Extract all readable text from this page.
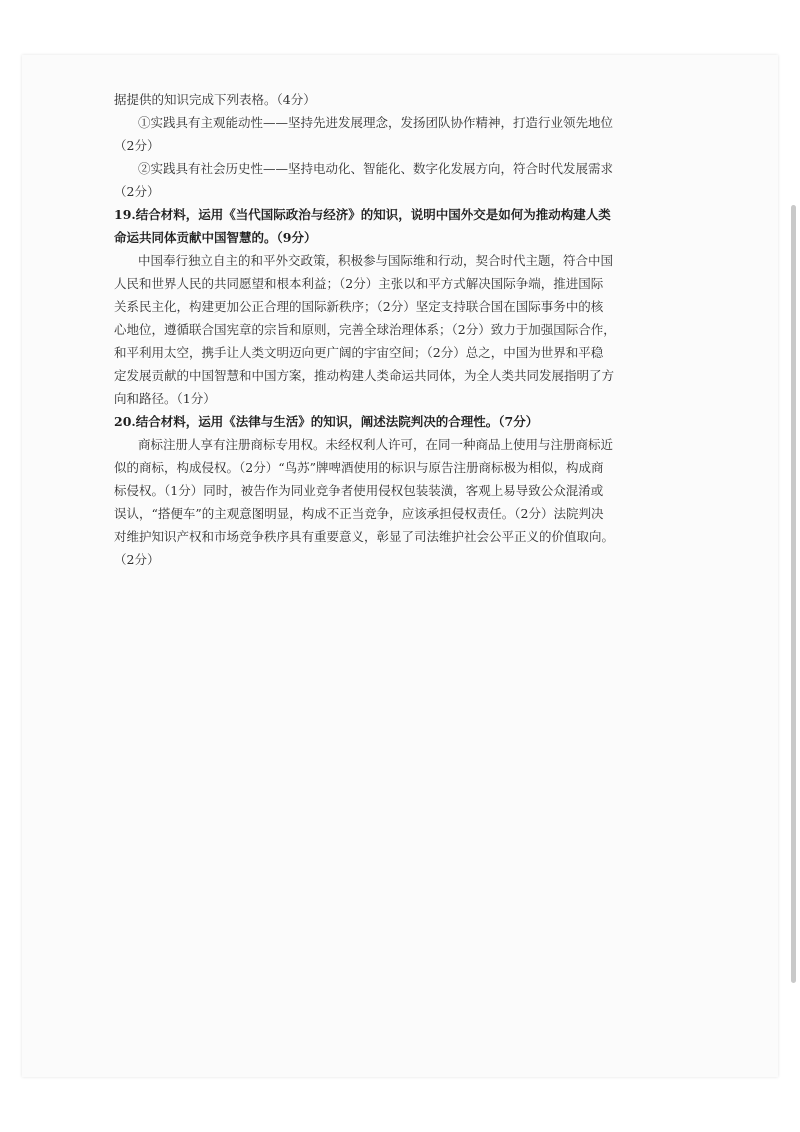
据提供的知识完成下列表格。（4分）
①实践具有主观能动性——坚持先进发展理念，发扬团队协作精神，打造行业领先地位
（2分）
②实践具有社会历史性——坚持电动化、智能化、数字化发展方向，符合时代发展需求
（2分）
19.结合材料，运用《当代国际政治与经济》的知识，说明中国外交是如何为推动构建人类
命运共同体贡献中国智慧的。（9分）
中国奉行独立自主的和平外交政策，积极参与国际维和行动，契合时代主题，符合中国
人民和世界人民的共同愿望和根本利益；（2分）主张以和平方式解决国际争端，推进国际
关系民主化，构建更加公正合理的国际新秩序；（2分）坚定支持联合国在国际事务中的核
心地位，遵循联合国宪章的宗旨和原则，完善全球治理体系；（2分）致力于加强国际合作，
和平利用太空，携手让人类文明迈向更广阔的宇宙空间；（2分）总之，中国为世界和平稳
定发展贡献的中国智慧和中国方案，推动构建人类命运共同体，为全人类共同发展指明了方
向和路径。（1分）
20.结合材料，运用《法律与生活》的知识，阐述法院判决的合理性。（7分）
商标注册人享有注册商标专用权。未经权利人许可，在同一种商品上使用与注册商标近
似的商标，构成侵权。（2分）“鸟苏”牌啤酒使用的标识与原告注册商标极为相似，构成商
标侵权。（1分）同时，被告作为同业竞争者使用侵权包装装潢，客观上易导致公众混淆或
误认，“搭便车”的主观意图明显，构成不正当竞争，应该承担侵权责任。（2分）法院判决
对维护知识产权和市场竞争秩序具有重要意义，彰显了司法维护社会公平正义的价值取向。
（2分）
